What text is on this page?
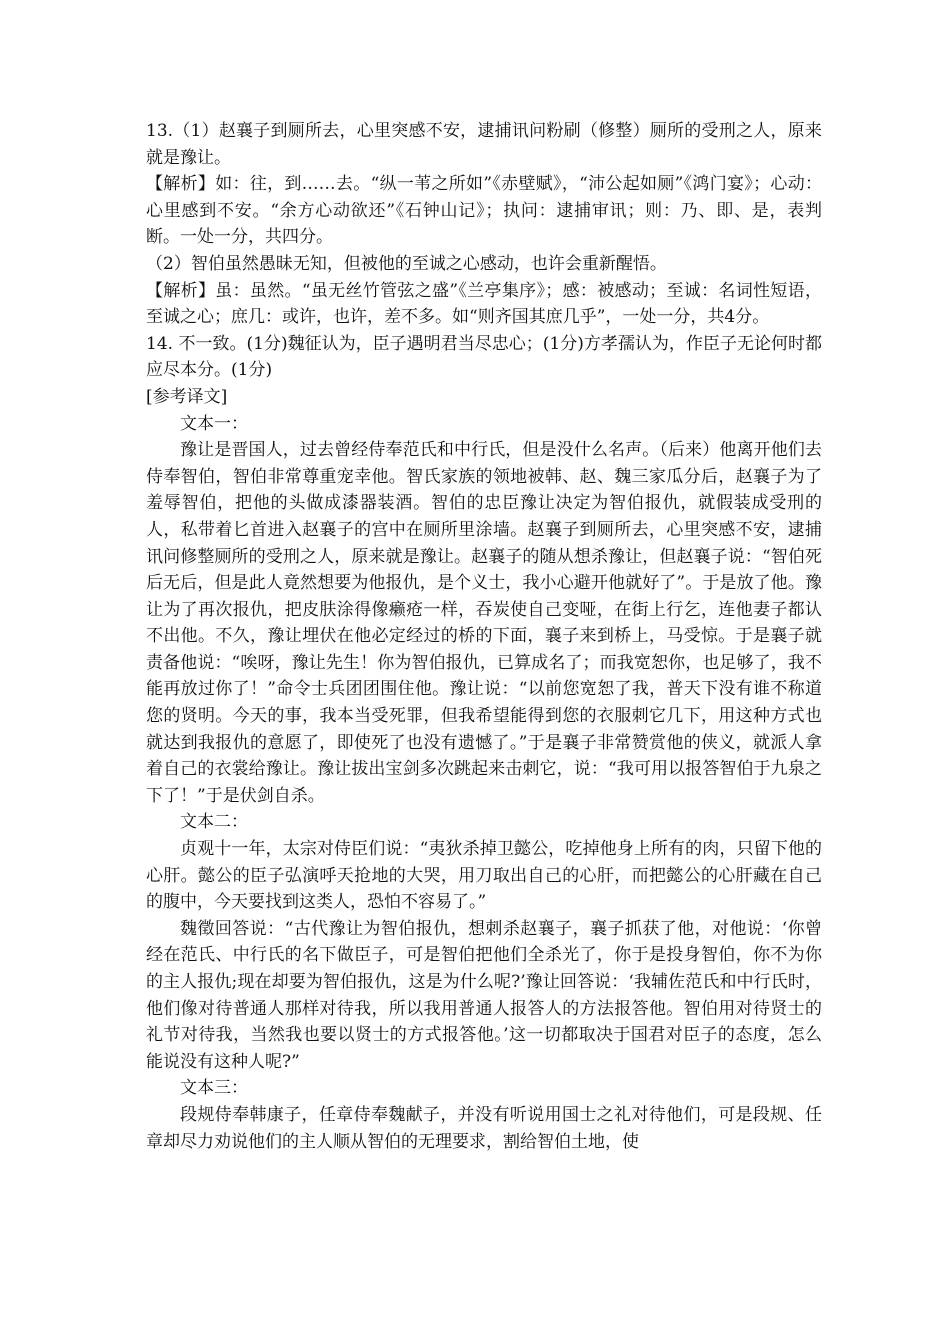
13.（1）赵襄子到厕所去，心里突感不安，逮捕讯问粉刷（修整）厕所的受刑之人，原来就是豫让。

【解析】如：往，到……去。“纵一苇之所如”《赤壁赋》，“沛公起如厕”《鸿门宴》；心动：心里感到不安。“余方心动欲还”《石钟山记》；执问：逮捕审讯；则：乃、即、是，表判断。一处一分，共四分。

（2）智伯虽然愚昧无知，但被他的至诚之心感动，也许会重新醒悟。

【解析】虽：虽然。“虽无丝竹管弦之盛”《兰亭集序》；感：被感动；至诚：名词性短语，至诚之心；庶几：或许，也许，差不多。如“则齐国其庶几乎”，一处一分，共4分。

14. 不一致。(1分)魏征认为，臣子遇明君当尽忠心；(1分)方孝孺认为，作臣子无论何时都应尽本分。(1分)

[参考译文]

文本一：

豫让是晋国人，过去曾经侍奉范氏和中行氏，但是没什么名声。（后来）他离开他们去侍奉智伯，智伯非常尊重宠幸他。智氏家族的领地被韩、赵、魏三家瓜分后，赵襄子为了羞辱智伯，把他的头做成漆器装酒。智伯的忠臣豫让决定为智伯报仇，就假装成受刑的人，私带着匕首进入赵襄子的宫中在厕所里涂墙。赵襄子到厕所去，心里突感不安，逮捕讯问修整厕所的受刑之人，原来就是豫让。赵襄子的随从想杀豫让，但赵襄子说：“智伯死后无后，但是此人竟然想要为他报仇，是个义士，我小心避开他就好了”。于是放了他。豫让为了再次报仇，把皮肤涂得像癞疮一样，吞炭使自己变哑，在街上行乞，连他妻子都认不出他。不久，豫让埋伏在他必定经过的桥的下面，襄子来到桥上，马受惊。于是襄子就责备他说：“唉呀，豫让先生！你为智伯报仇，已算成名了；而我宽恕你，也足够了，我不能再放过你了！”命令士兵团团围住他。豫让说：“以前您宽恕了我，普天下没有谁不称道您的贤明。今天的事，我本当受死罪，但我希望能得到您的衣服刺它几下，用这种方式也就达到我报仇的意愿了，即使死了也没有遗憾了。”于是襄子非常赞赏他的侠义，就派人拿着自己的衣裳给豫让。豫让拔出宝剑多次跳起来击刺它，说：“我可用以报答智伯于九泉之下了！”于是伏剑自杀。

文本二：

贞观十一年，太宗对侍臣们说：“夷狄杀掉卫懿公，吃掉他身上所有的肉，只留下他的心肝。懿公的臣子弘演呼天抢地的大哭，用刀取出自己的心肝，而把懿公的心肝藏在自己的腹中，今天要找到这类人，恐怕不容易了。”

魏徵回答说：“古代豫让为智伯报仇，想刺杀赵襄子，襄子抓获了他，对他说：‘你曾经在范氏、中行氏的名下做臣子，可是智伯把他们全杀光了，你于是投身智伯，你不为你的主人报仇;现在却要为智伯报仇，这是为什么呢?’豫让回答说：‘我辅佐范氏和中行氏时，他们像对待普通人那样对待我，所以我用普通人报答人的方法报答他。智伯用对待贤士的礼节对待我，当然我也要以贤士的方式报答他。’这一切都取决于国君对臣子的态度，怎么能说没有这种人呢?”

文本三：

段规侍奉韩康子，任章侍奉魏献子，并没有听说用国士之礼对待他们，可是段规、任章却尽力劝说他们的主人顺从智伯的无理要求，割给智伯土地，使
